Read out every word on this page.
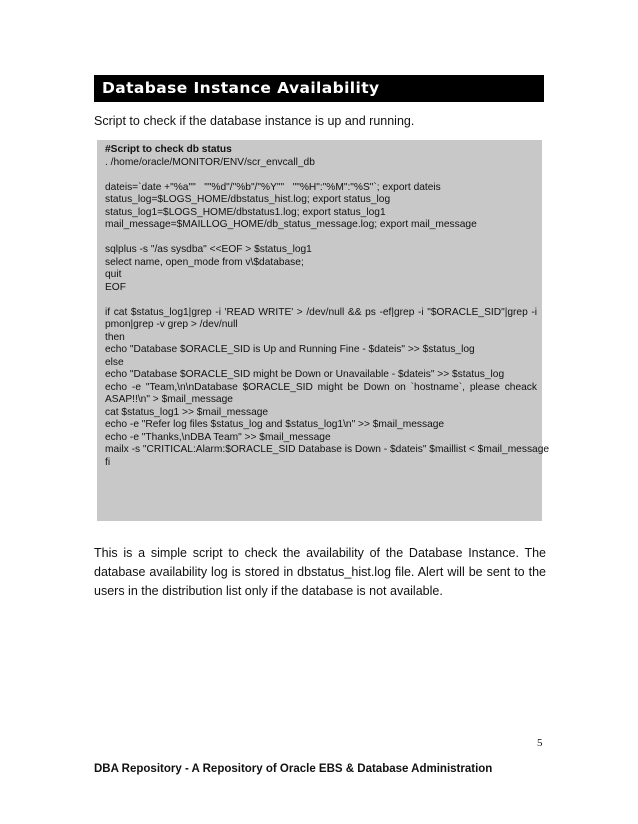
Database Instance Availability
Script to check if the database instance is up and running.
#Script to check db status
. /home/oracle/MONITOR/ENV/scr_envcall_db
dateis=`date +"%a""   ""%d"/"%b"/"%Y""   ""%H":"%M":"%S"`; export dateis
status_log=$LOGS_HOME/dbstatus_hist.log; export status_log
status_log1=$LOGS_HOME/dbstatus1.log; export status_log1
mail_message=$MAILLOG_HOME/db_status_message.log; export mail_message
sqlplus -s "/as sysdba" <<EOF > $status_log1
select name, open_mode from v\$database;
quit
EOF
if cat $status_log1|grep -i 'READ WRITE' > /dev/null && ps -ef|grep -i "$ORACLE_SID"|grep -i pmon|grep -v grep > /dev/null
then
echo "Database $ORACLE_SID is Up and Running Fine - $dateis" >> $status_log
else
echo "Database $ORACLE_SID might be Down or Unavailable - $dateis" >> $status_log
echo -e "Team,\n\nDatabase $ORACLE_SID might be Down on `hostname`, please cheack ASAP!!\n" > $mail_message
cat $status_log1 >> $mail_message
echo -e "Refer log files $status_log and $status_log1\n" >> $mail_message
echo -e "Thanks,\nDBA Team" >> $mail_message
mailx -s "CRITICAL:Alarm:$ORACLE_SID Database is Down - $dateis" $maillist < $mail_message
fi
This is a simple script to check the availability of the Database Instance. The database availability log is stored in dbstatus_hist.log file. Alert will be sent to the users in the distribution list only if the database is not available.
5
DBA Repository - A Repository of Oracle EBS & Database Administration
